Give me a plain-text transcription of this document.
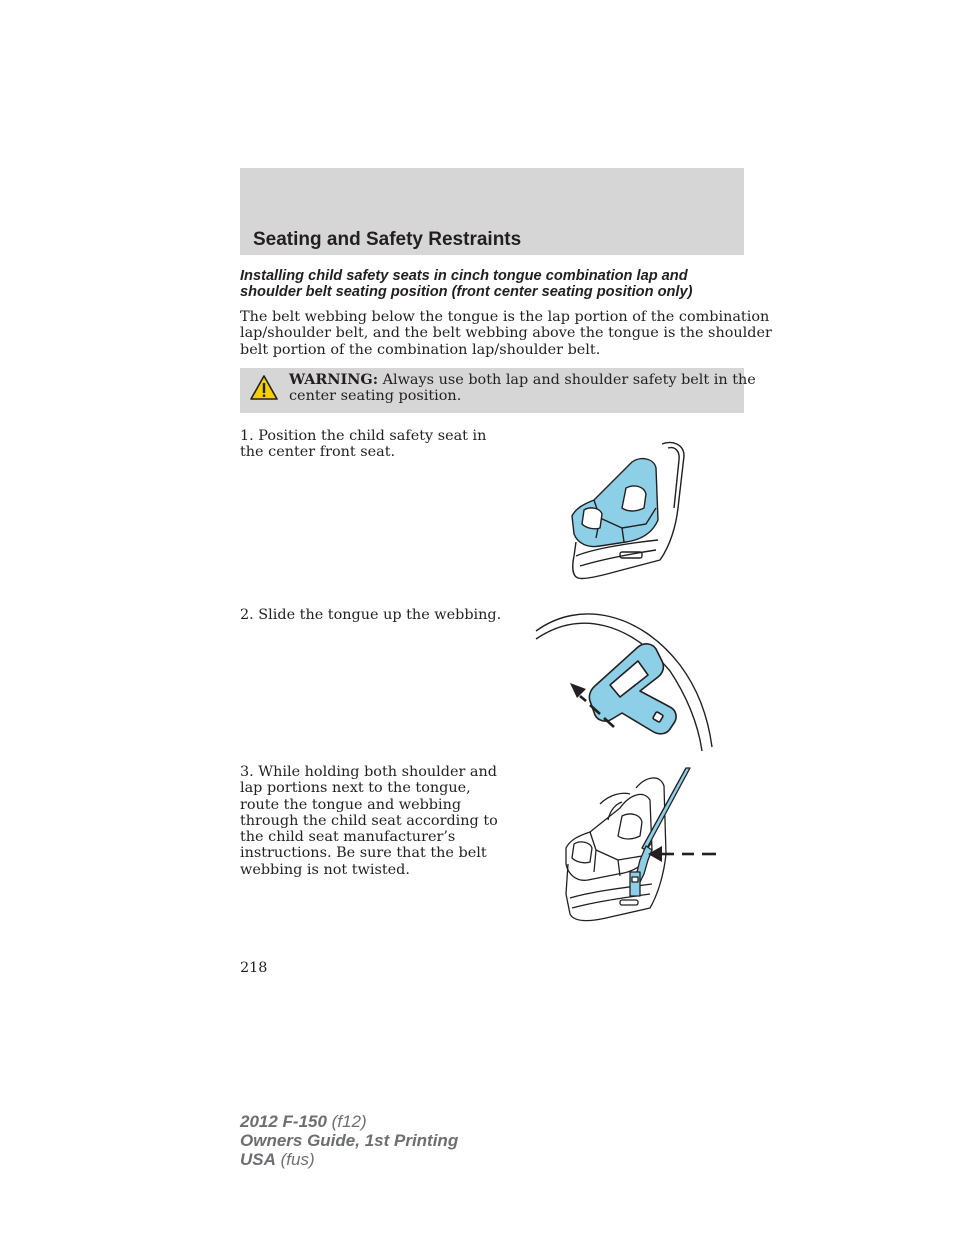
Seating and Safety Restraints
Installing child safety seats in cinch tongue combination lap and
shoulder belt seating position (front center seating position only)

The belt webbing below the tongue is the lap portion of the combination
lap/shoulder belt, and the belt webbing above the tongue is the shoulder
belt portion of the combination lap/shoulder belt.

WARNING: Always use both lap and shoulder safety belt in the
center seating position.

1. Position the child safety seat in
the center front seat.

2. Slide the tongue up the webbing.

3. While holding both shoulder and
lap portions next to the tongue,
route the tongue and webbing
through the child seat according to
the child seat manufacturer’s
instructions. Be sure that the belt
webbing is not twisted.

218

2012 F-150 (f12)
Owners Guide, 1st Printing
USA (fus)
